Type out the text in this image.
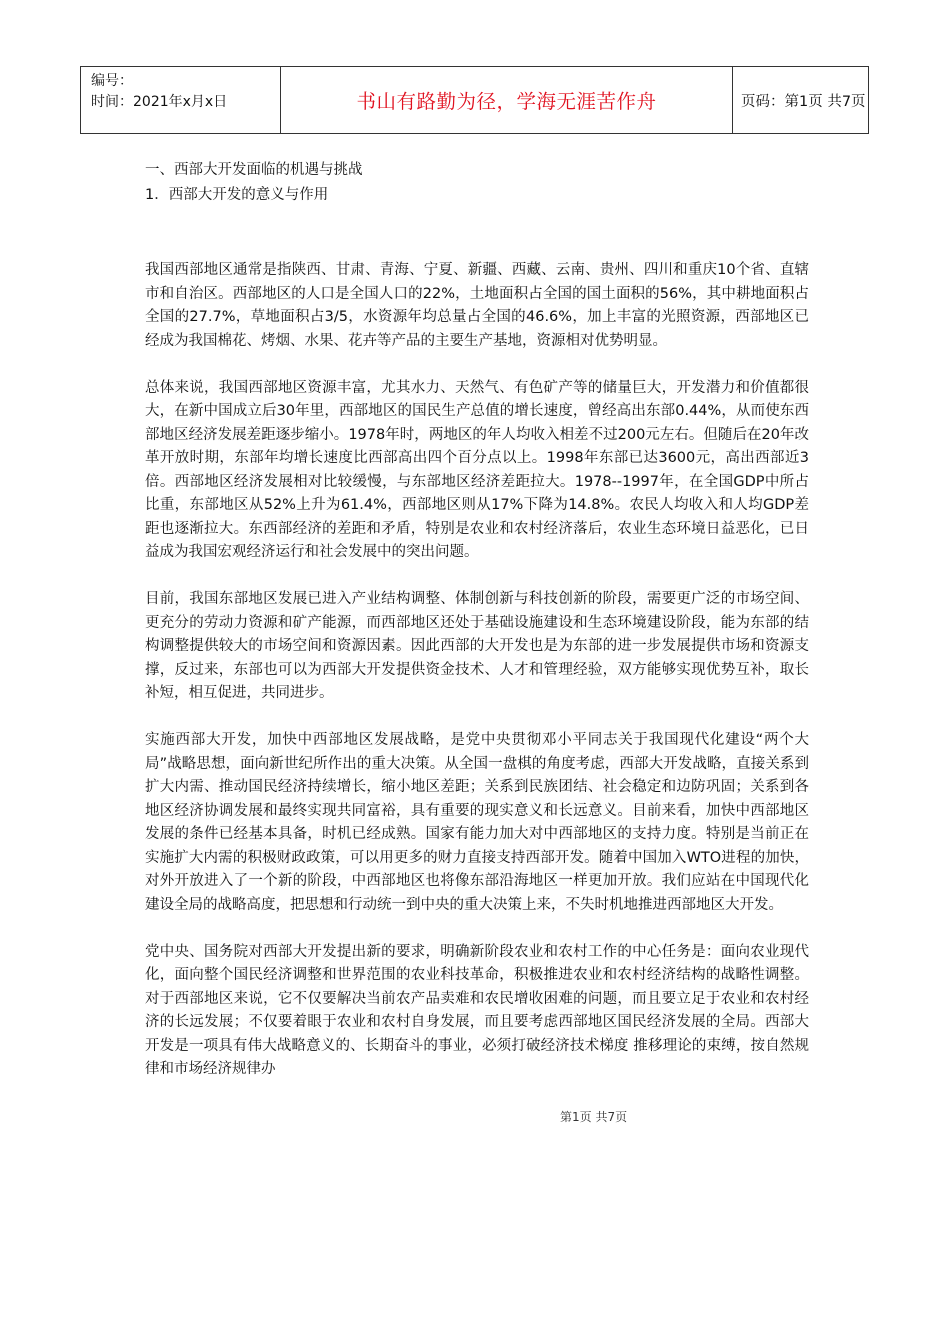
编号：
时间：2021年x月x日	书山有路勤为径，学海无涯苦作舟	页码：第1页 共7页
一、西部大开发面临的机遇与挑战
1．西部大开发的意义与作用

我国西部地区通常是指陕西、甘肃、青海、宁夏、新疆、西藏、云南、贵州、四川和重庆10个省、直辖市和自治区。西部地区的人口是全国人口的22%，土地面积占全国的国土面积的56%，其中耕地面积占全国的27.7%，草地面积占3/5，水资源年均总量占全国的46.6%，加上丰富的光照资源，西部地区已经成为我国棉花、烤烟、水果、花卉等产品的主要生产基地，资源相对优势明显。

总体来说，我国西部地区资源丰富，尤其水力、天然气、有色矿产等的储量巨大，开发潜力和价值都很大，在新中国成立后30年里，西部地区的国民生产总值的增长速度，曾经高出东部0.44%，从而使东西部地区经济发展差距逐步缩小。1978年时，两地区的年人均收入相差不过200元左右。但随后在20年改革开放时期，东部年均增长速度比西部高出四个百分点以上。1998年东部已达3600元，高出西部近3倍。西部地区经济发展相对比较缓慢，与东部地区经济差距拉大。1978--1997年，在全国GDP中所占比重，东部地区从52%上升为61.4%，西部地区则从17%下降为14.8%。农民人均收入和人均GDP差距也逐渐拉大。东西部经济的差距和矛盾，特别是农业和农村经济落后，农业生态环境日益恶化，已日益成为我国宏观经济运行和社会发展中的突出问题。

目前，我国东部地区发展已进入产业结构调整、体制创新与科技创新的阶段，需要更广泛的市场空间、更充分的劳动力资源和矿产能源，而西部地区还处于基础设施建设和生态环境建设阶段，能为东部的结构调整提供较大的市场空间和资源因素。因此西部的大开发也是为东部的进一步发展提供市场和资源支撑，反过来，东部也可以为西部大开发提供资金技术、人才和管理经验，双方能够实现优势互补，取长补短，相互促进，共同进步。

实施西部大开发，加快中西部地区发展战略，是党中央贯彻邓小平同志关于我国现代化建设“两个大局”战略思想，面向新世纪所作出的重大决策。从全国一盘棋的角度考虑，西部大开发战略，直接关系到扩大内需、推动国民经济持续增长，缩小地区差距；关系到民族团结、社会稳定和边防巩固；关系到各地区经济协调发展和最终实现共同富裕，具有重要的现实意义和长远意义。目前来看，加快中西部地区发展的条件已经基本具备，时机已经成熟。国家有能力加大对中西部地区的支持力度。特别是当前正在实施扩大内需的积极财政政策，可以用更多的财力直接支持西部开发。随着中国加入WTO进程的加快，对外开放进入了一个新的阶段，中西部地区也将像东部沿海地区一样更加开放。我们应站在中国现代化建设全局的战略高度，把思想和行动统一到中央的重大决策上来，不失时机地推进西部地区大开发。

党中央、国务院对西部大开发提出新的要求，明确新阶段农业和农村工作的中心任务是：面向农业现代化，面向整个国民经济调整和世界范围的农业科技革命，积极推进农业和农村经济结构的战略性调整。对于西部地区来说，它不仅要解决当前农产品卖难和农民增收困难的问题，而且要立足于农业和农村经济的长远发展；不仅要着眼于农业和农村自身发展，而且要考虑西部地区国民经济发展的全局。西部大开发是一项具有伟大战略意义的、长期奋斗的事业，必须打破经济技术梯度 推移理论的束缚，按自然规律和市场经济规律办

第1页 共7页
